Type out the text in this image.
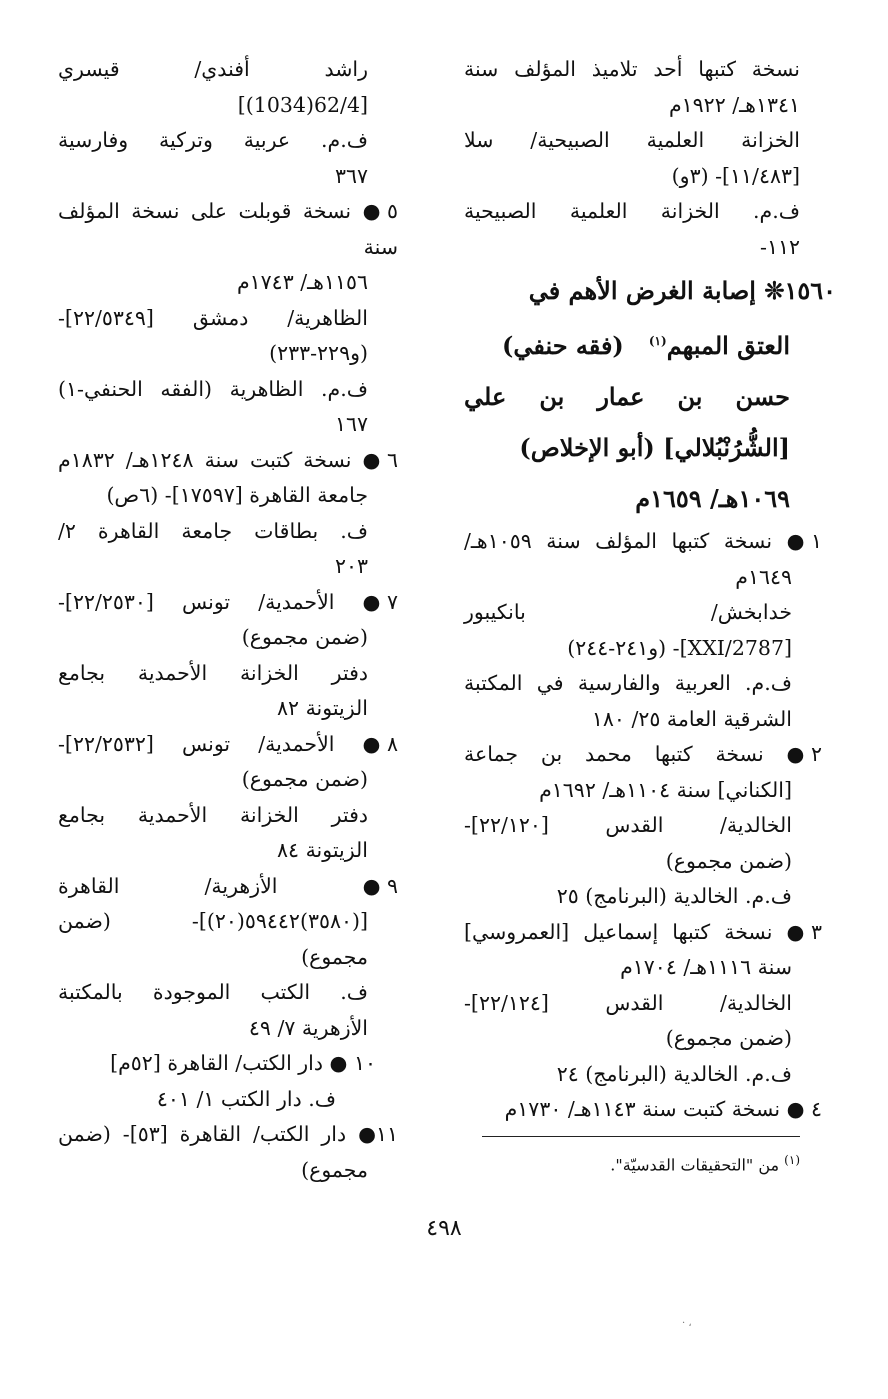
نسخة كتبها أحد تلاميذ المؤلف سنة
١٣٤١هـ/ ١٩٢٢م
الخزانة العلمية الصبيحية/ سلا
[١١/٤٨٣]- (٣و)
ف.م. الخزانة العلمية الصبيحية
١١٢-
١٥٦٠❊ إصابة الغرض الأهم في
العتق المبهم$^{(١)}$   (فقه حنفي)
حسن بن عمار بن علي
[الشُّرُنْبُلالي] (أبو الإخلاص)
١٠٦٩هـ/ ١٦٥٩م
١ ● نسخة كتبها المؤلف سنة ١٠٥٩هـ/
١٦٤٩م
خدابخش/ بانكيبور
[2787/XXI]- (و٢٤١-٢٤٤)
ف.م. العربية والفارسية في المكتبة
الشرقية العامة ٢٥/ ١٨٠
٢ ● نسخة كتبها محمد بن جماعة
[الكناني] سنة ١١٠٤هـ/ ١٦٩٢م
الخالدية/ القدس [٢٢/١٢٠]-
(ضمن مجموع)
ف.م. الخالدية (البرنامج) ٢٥
٣ ● نسخة كتبها إسماعيل [العمروسي]
سنة ١١١٦هـ/ ١٧٠٤م
الخالدية/ القدس [٢٢/١٢٤]-
(ضمن مجموع)
ف.م. الخالدية (البرنامج) ٢٤
٤ ● نسخة كتبت سنة ١١٤٣هـ/ ١٧٣٠م
راشد أفندي/ قيسري
[(1034)62/4]
ف.م. عربية وتركية وفارسية
٣٦٧
٥ ● نسخة قوبلت على نسخة المؤلف سنة
١١٥٦هـ/ ١٧٤٣م
الظاهرية/ دمشق [٢٢/٥٣٤٩]-
(و٢٢٩-٢٣٣)
ف.م. الظاهرية (الفقه الحنفي-١)
١٦٧
٦ ● نسخة كتبت سنة ١٢٤٨هـ/ ١٨٣٢م
جامعة القاهرة [١٧٥٩٧]- (٦ص)
ف. بطاقات جامعة القاهرة ٢/
٢٠٣
٧ ● الأحمدية/ تونس [٢٢/٢٥٣٠]-
(ضمن مجموع)
دفتر الخزانة الأحمدية بجامع
الزيتونة ٨٢
٨ ● الأحمدية/ تونس [٢٢/٢٥٣٢]-
(ضمن مجموع)
دفتر الخزانة الأحمدية بجامع
الزيتونة ٨٤
٩ ● الأزهرية/ القاهرة
[(٣٥٨٠)٥٩٤٤٢(٢٠)]- (ضمن
مجموع)
ف. الكتب الموجودة بالمكتبة
الأزهرية ٧/ ٤٩
١٠ ● دار الكتب/ القاهرة [٥٢م]
ف. دار الكتب ١/ ٤٠١
١١● دار الكتب/ القاهرة [٥٣]- (ضمن
مجموع)	$^{(١)}$ من "التحقيقات القدسيّة".
٤٩٨
، ·
